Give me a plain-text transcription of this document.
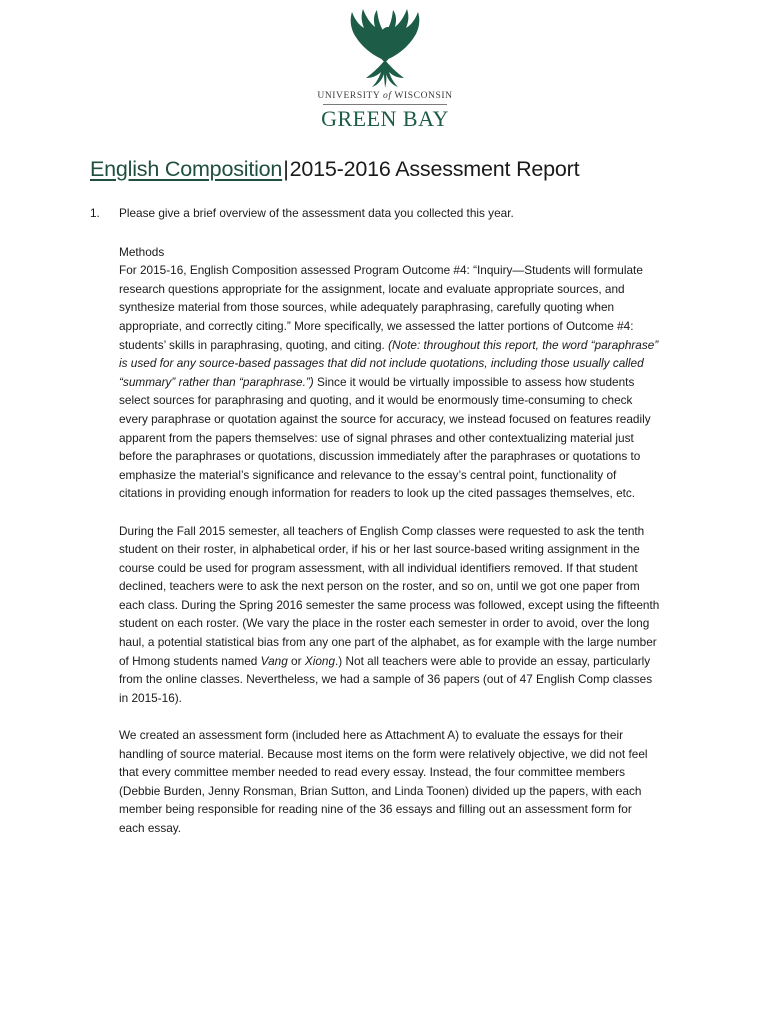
UNIVERSITY of WISCONSIN
GREEN BAY
English Composition|2015-2016 Assessment Report
1.	Please give a brief overview of the assessment data you collected this year.

Methods

For 2015-16, English Composition assessed Program Outcome #4: “Inquiry—Students will formulate research questions appropriate for the assignment, locate and evaluate appropriate sources, and synthesize material from those sources, while adequately paraphrasing, carefully quoting when appropriate, and correctly citing.” More specifically, we assessed the latter portions of Outcome #4: students’ skills in paraphrasing, quoting, and citing. (Note: throughout this report, the word “paraphrase” is used for any source-based passages that did not include quotations, including those usually called “summary” rather than “paraphrase.”) Since it would be virtually impossible to assess how students select sources for paraphrasing and quoting, and it would be enormously time-consuming to check every paraphrase or quotation against the source for accuracy, we instead focused on features readily apparent from the papers themselves: use of signal phrases and other contextualizing material just before the paraphrases or quotations, discussion immediately after the paraphrases or quotations to emphasize the material’s significance and relevance to the essay’s central point, functionality of citations in providing enough information for readers to look up the cited passages themselves, etc.

During the Fall 2015 semester, all teachers of English Comp classes were requested to ask the tenth student on their roster, in alphabetical order, if his or her last source-based writing assignment in the course could be used for program assessment, with all individual identifiers removed. If that student declined, teachers were to ask the next person on the roster, and so on, until we got one paper from each class. During the Spring 2016 semester the same process was followed, except using the fifteenth student on each roster. (We vary the place in the roster each semester in order to avoid, over the long haul, a potential statistical bias from any one part of the alphabet, as for example with the large number of Hmong students named Vang or Xiong.) Not all teachers were able to provide an essay, particularly from the online classes. Nevertheless, we had a sample of 36 papers (out of 47 English Comp classes in 2015-16).

We created an assessment form (included here as Attachment A) to evaluate the essays for their handling of source material. Because most items on the form were relatively objective, we did not feel that every committee member needed to read every essay. Instead, the four committee members (Debbie Burden, Jenny Ronsman, Brian Sutton, and Linda Toonen) divided up the papers, with each member being responsible for reading nine of the 36 essays and filling out an assessment form for each essay.
